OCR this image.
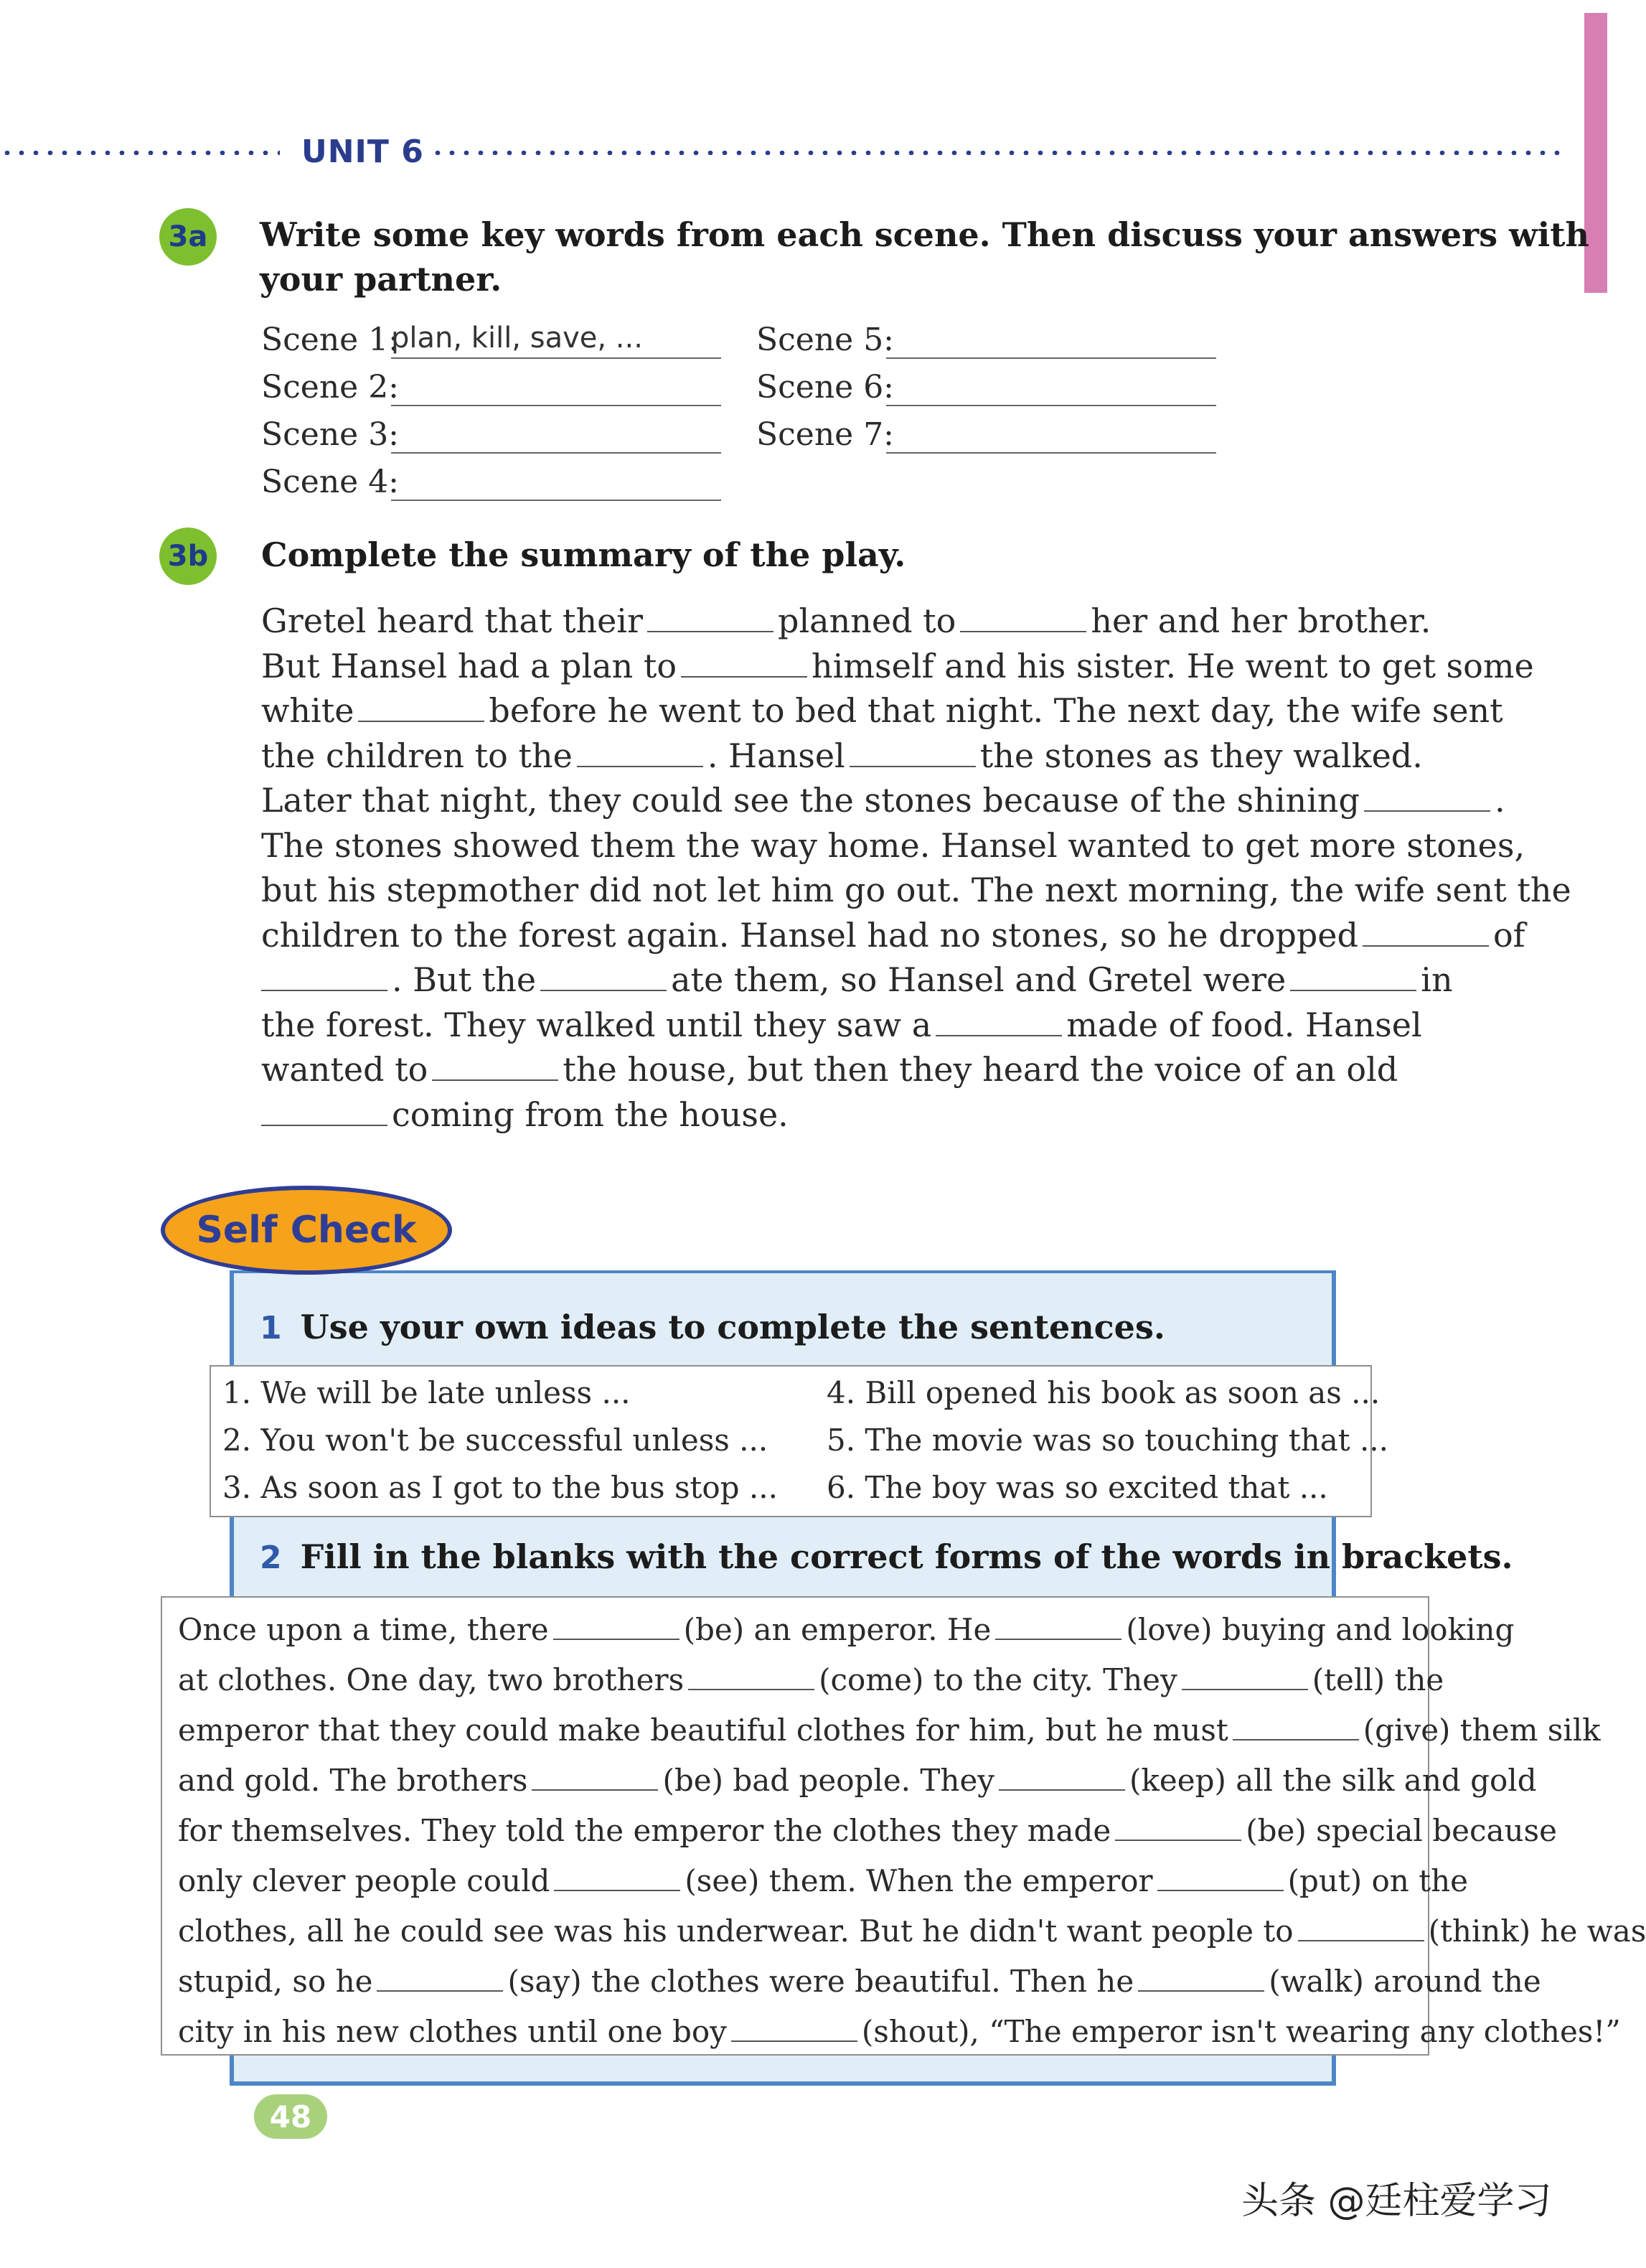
UNIT 6
3a Write some key words from each scene. Then discuss your answers with
your partner.
Scene 1:
plan, kill, save, ...
Scene 2:
Scene 3:
Scene 4:
Scene 5:
Scene 6:
Scene 7:
3b Complete the summary of the play.
Gretel heard that their	planned to	her and her brother.
But Hansel had a plan to	himself and his sister. He went to get some
white	before he went to bed that night. The next day, the wife sent
the children to the	. Hansel	the stones as they walked.
Later that night, they could see the stones because of the shining	.
The stones showed them the way home. Hansel wanted to get more stones,
but his stepmother did not let him go out. The next morning, the wife sent the
children to the forest again. Hansel had no stones, so he dropped	of
. But the	ate them, so Hansel and Gretel were	in
the forest. They walked until they saw a	made of food. Hansel
wanted to	the house, but then they heard the voice of an old
coming from the house.
Self Check
1 Use your own ideas to complete the sentences.
1. We will be late unless ...
2. You won't be successful unless ...
3. As soon as I got to the bus stop ...
4. Bill opened his book as soon as ...
5. The movie was so touching that ...
6. The boy was so excited that ...
2 Fill in the blanks with the correct forms of the words in brackets.
Once upon a time, there	(be) an emperor. He	(love) buying and looking
at clothes. One day, two brothers	(come) to the city. They	(tell) the
emperor that they could make beautiful clothes for him, but he must	(give) them silk
and gold. The brothers	(be) bad people. They	(keep) all the silk and gold
for themselves. They told the emperor the clothes they made	(be) special because
only clever people could	(see) them. When the emperor	(put) on the
clothes, all he could see was his underwear. But he didn't want people to	(think) he was
stupid, so he	(say) the clothes were beautiful. Then he	(walk) around the
city in his new clothes until one boy	(shout), “The emperor isn't wearing any clothes!”
48
头条 @廷柱爱学习
